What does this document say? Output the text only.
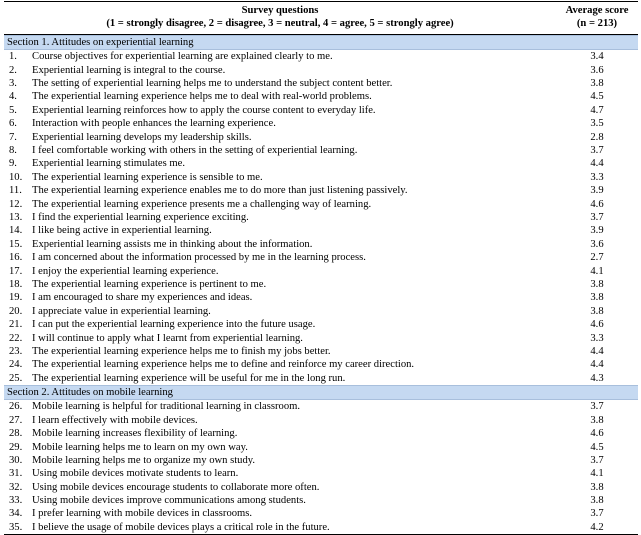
Survey questions
(1 = strongly disagree, 2 = disagree, 3 = neutral, 4 = agree, 5 = strongly agree)
Average score
(n = 213)
Section 1. Attitudes on experiential learning
1.	Course objectives for experiential learning are explained clearly to me.	3.4
2.	Experiential learning is integral to the course.	3.6
3.	The setting of experiential learning helps me to understand the subject content better.	3.8
4.	The experiential learning experience helps me to deal with real-world problems.	4.5
5.	Experiential learning reinforces how to apply the course content to everyday life.	4.7
6.	Interaction with people enhances the learning experience.	3.5
7.	Experiential learning develops my leadership skills.	2.8
8.	I feel comfortable working with others in the setting of experiential learning.	3.7
9.	Experiential learning stimulates me.	4.4
10. The experiential learning experience is sensible to me.	3.3
11. The experiential learning experience enables me to do more than just listening passively.	3.9
12. The experiential learning experience presents me a challenging way of learning.	4.6
13. I find the experiential learning experience exciting.	3.7
14. I like being active in experiential learning.	3.9
15. Experiential learning assists me in thinking about the information.	3.6
16. I am concerned about the information processed by me in the learning process.	2.7
17. I enjoy the experiential learning experience.	4.1
18. The experiential learning experience is pertinent to me.	3.8
19. I am encouraged to share my experiences and ideas.	3.8
20. I appreciate value in experiential learning.	3.8
21. I can put the experiential learning experience into the future usage.	4.6
22. I will continue to apply what I learnt from experiential learning.	3.3
23. The experiential learning experience helps me to finish my jobs better.	4.4
24. The experiential learning experience helps me to define and reinforce my career direction.	4.4
25. The experiential learning experience will be useful for me in the long run.	4.3
Section 2. Attitudes on mobile learning
26. Mobile learning is helpful for traditional learning in classroom.	3.7
27. I learn effectively with mobile devices.	3.8
28. Mobile learning increases flexibility of learning.	4.6
29. Mobile learning helps me to learn on my own way.	4.5
30. Mobile learning helps me to organize my own study.	3.7
31. Using mobile devices motivate students to learn.	4.1
32. Using mobile devices encourage students to collaborate more often.	3.8
33. Using mobile devices improve communications among students.	3.8
34. I prefer learning with mobile devices in classrooms.	3.7
35. I believe the usage of mobile devices plays a critical role in the future.	4.2
